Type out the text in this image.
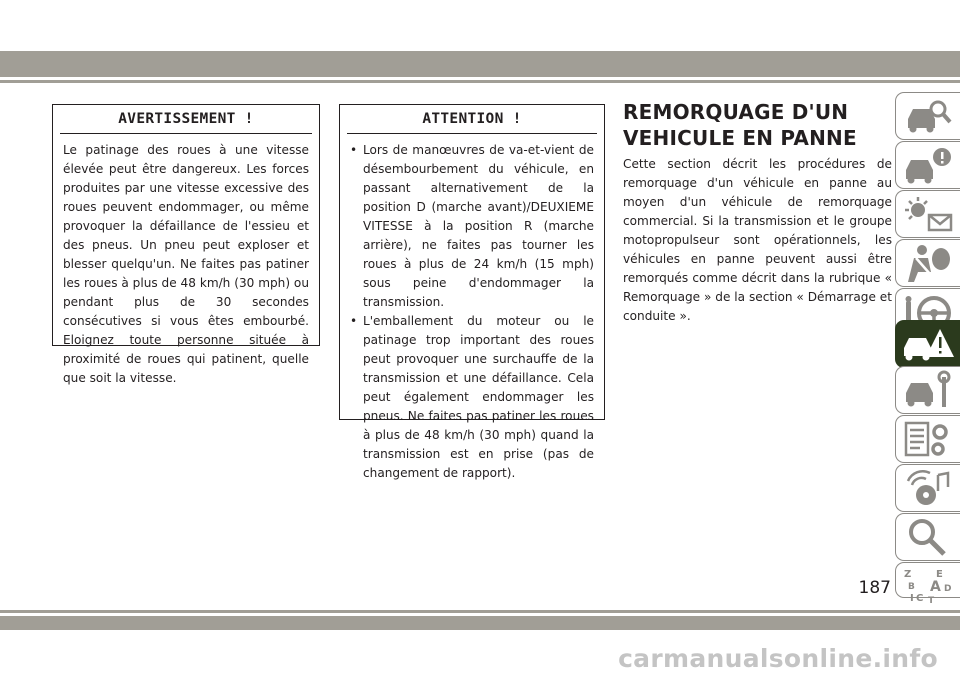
AVERTISSEMENT !
Le patinage des roues à une vitesse élevée peut être dangereux. Les forces produites par une vitesse excessive des roues peuvent endommager, ou même provoquer la défaillance de l'essieu et des pneus. Un pneu peut exploser et blesser quelqu'un. Ne faites pas patiner les roues à plus de 48 km/h (30 mph) ou pendant plus de 30 secondes consécutives si vous êtes embourbé. Eloignez toute personne située à proximité de roues qui patinent, quelle que soit la vitesse.
ATTENTION !
• Lors de manœuvres de va-et-vient de désembourbement du véhicule, en passant alternativement de la position D (marche avant)/DEUXIEME VITESSE à la position R (marche arrière), ne faites pas tourner les roues à plus de 24 km/h (15 mph) sous peine d'endommager la transmission.
• L'emballement du moteur ou le patinage trop important des roues peut provoquer une surchauffe de la transmission et une défaillance. Cela peut également endommager les pneus. Ne faites pas patiner les roues à plus de 48 km/h (30 mph) quand la transmission est en prise (pas de changement de rapport).
REMORQUAGE D'UN
VEHICULE EN PANNE
Cette section décrit les procédures de remorquage d'un véhicule en panne au moyen d'un véhicule de remorquage commercial. Si la transmission et le groupe motopropulseur sont opérationnels, les véhicules en panne peuvent aussi être remorqués comme décrit dans la rubrique « Remorquage » de la section « Démarrage et conduite ».
Z E
B A D
I C T
187
carmanualsonline.info
